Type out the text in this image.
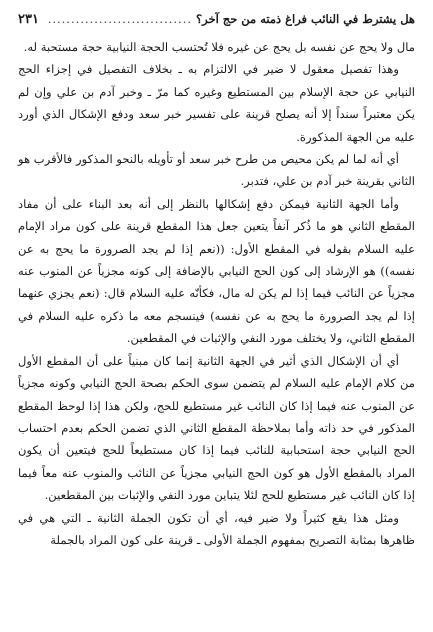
هل يشترط في النائب فراغ ذمته من حج آخر؟
...............................
٢٣١

مال ولا يحج عن نفسه بل يحج عن غيره فلا تُحتسب الحجة النيابية حجة مستحبة له.

وهذا تفصيل معقول لا ضير في الالتزام به ـ بخلاف التفصيل في إجزاء الحج النيابي عن حجة الإسلام بين المستطيع وغيره كما مرّ ـ وخبر آدم بن علي وإن لم يكن معتبراً سنداً إلا أنه يصلح قرينة على تفسير خبر سعد ودفع الإشكال الذي أورد عليه من الجهة المذكورة.

أي أنه لما لم يكن محيص من طرح خبر سعد أو تأويله بالنحو المذكور فالأقرب هو الثاني بقرينة خبر آدم بن علي، فتدبر.

وأما الجهة الثانية فيمكن دفع إشكالها بالنظر إلى أنه بعد البناء على أن مفاد المقطع الثاني هو ما ذُكر آنفاً يتعين جعل هذا المقطع قرينة على كون مراد الإمام عليه السلام بقوله في المقطع الأول: ((نعم إذا لم يجد الصرورة ما يحج به عن نفسه)) هو الإرشاد إلى كون الحج النيابي بالإضافة إلى كونه مجزياً عن المنوب عنه مجزياً عن النائب فيما إذا لم يكن له مال، فكأنّه عليه السلام قال: (نعم يجزي عنهما إذا لم يجد الصرورة ما يحج به عن نفسه) فينسجم معه ما ذكره عليه السلام في المقطع الثاني، ولا يختلف مورد النفي والإثبات في المقطعين.

أي أن الإشكال الذي أثير في الجهة الثانية إنما كان مبنياً على أن المقطع الأول من كلام الإمام عليه السلام لم يتضمن سوى الحكم بصحة الحج النيابي وكونه مجزياً عن المنوب عنه فيما إذا كان النائب غير مستطيع للحج، ولكن هذا إذا لوحظ المقطع المذكور في حد ذاته وأما بملاحظة المقطع الثاني الذي تضمن الحكم بعدم احتساب الحج النيابي حجة استحبابية للنائب فيما إذا كان مستطيعاً للحج فيتعين أن يكون المراد بالمقطع الأول هو كون الحج النيابي مجزياً عن النائب والمنوب عنه معاً فيما إذا كان النائب غير مستطيع للحج لئلا يتباين مورد النفي والإثبات بين المقطعين.

ومثل هذا يقع كثيراً ولا ضير فيه، أي أن تكون الجملة الثانية ـ التي هي في ظاهرها بمثابة التصريح بمفهوم الجملة الأولى ـ قرينة على كون المراد بالجملة
